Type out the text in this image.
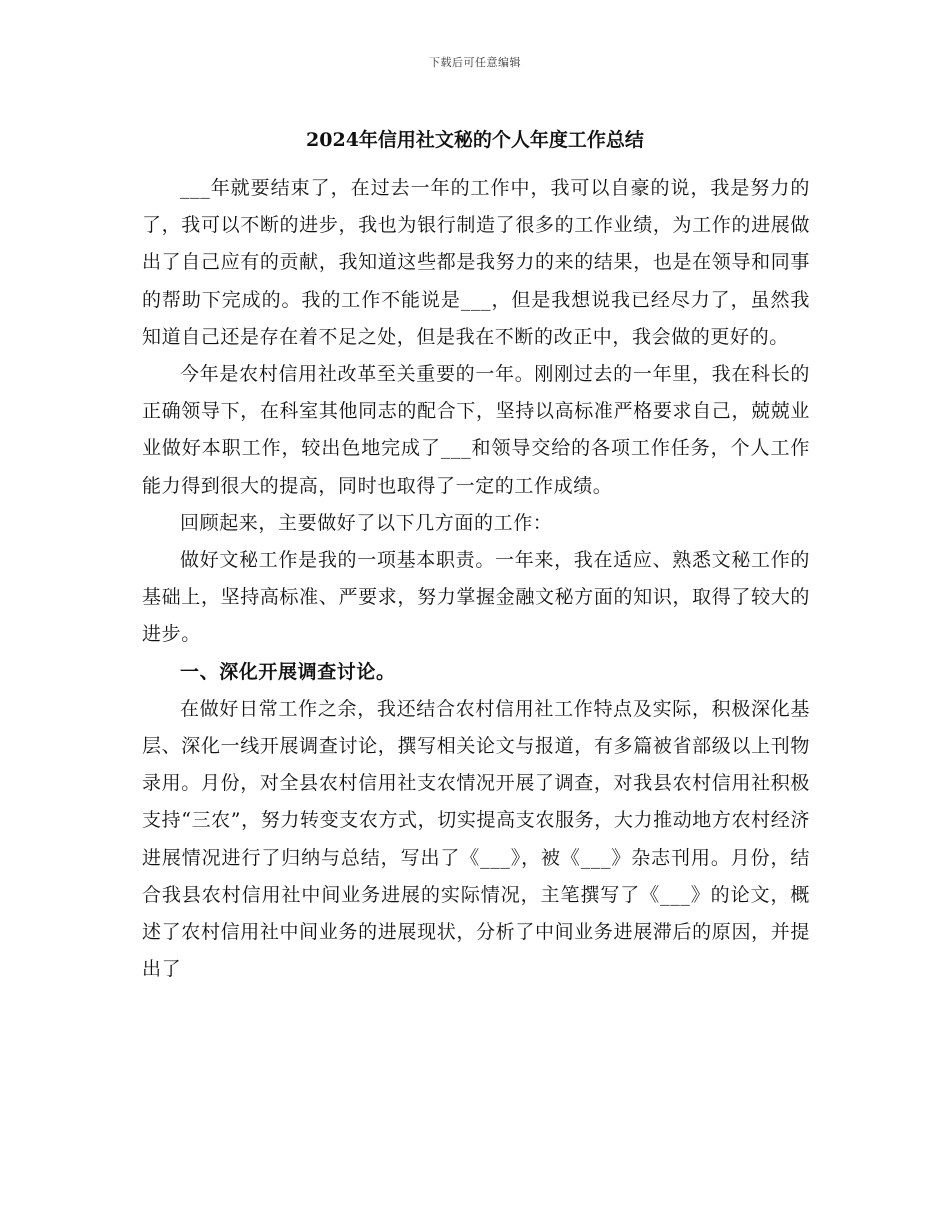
下载后可任意编辑
2024年信用社文秘的个人年度工作总结

___年就要结束了，在过去一年的工作中，我可以自豪的说，我是努力的了，我可以不断的进步，我也为银行制造了很多的工作业绩，为工作的进展做出了自己应有的贡献，我知道这些都是我努力的来的结果，也是在领导和同事的帮助下完成的。我的工作不能说是___，但是我想说我已经尽力了，虽然我知道自己还是存在着不足之处，但是我在不断的改正中，我会做的更好的。

今年是农村信用社改革至关重要的一年。刚刚过去的一年里，我在科长的正确领导下，在科室其他同志的配合下，坚持以高标准严格要求自己，兢兢业业做好本职工作，较出色地完成了___和领导交给的各项工作任务，个人工作能力得到很大的提高，同时也取得了一定的工作成绩。

回顾起来，主要做好了以下几方面的工作：

做好文秘工作是我的一项基本职责。一年来，我在适应、熟悉文秘工作的基础上，坚持高标准、严要求，努力掌握金融文秘方面的知识，取得了较大的进步。

一、深化开展调查讨论。

在做好日常工作之余，我还结合农村信用社工作特点及实际，积极深化基层、深化一线开展调查讨论，撰写相关论文与报道，有多篇被省部级以上刊物录用。月份，对全县农村信用社支农情况开展了调查，对我县农村信用社积极支持“三农”，努力转变支农方式，切实提高支农服务，大力推动地方农村经济进展情况进行了归纳与总结，写出了《___》，被《___》杂志刊用。月份，结合我县农村信用社中间业务进展的实际情况，主笔撰写了《___》的论文，概述了农村信用社中间业务的进展现状，分析了中间业务进展滞后的原因，并提出了
